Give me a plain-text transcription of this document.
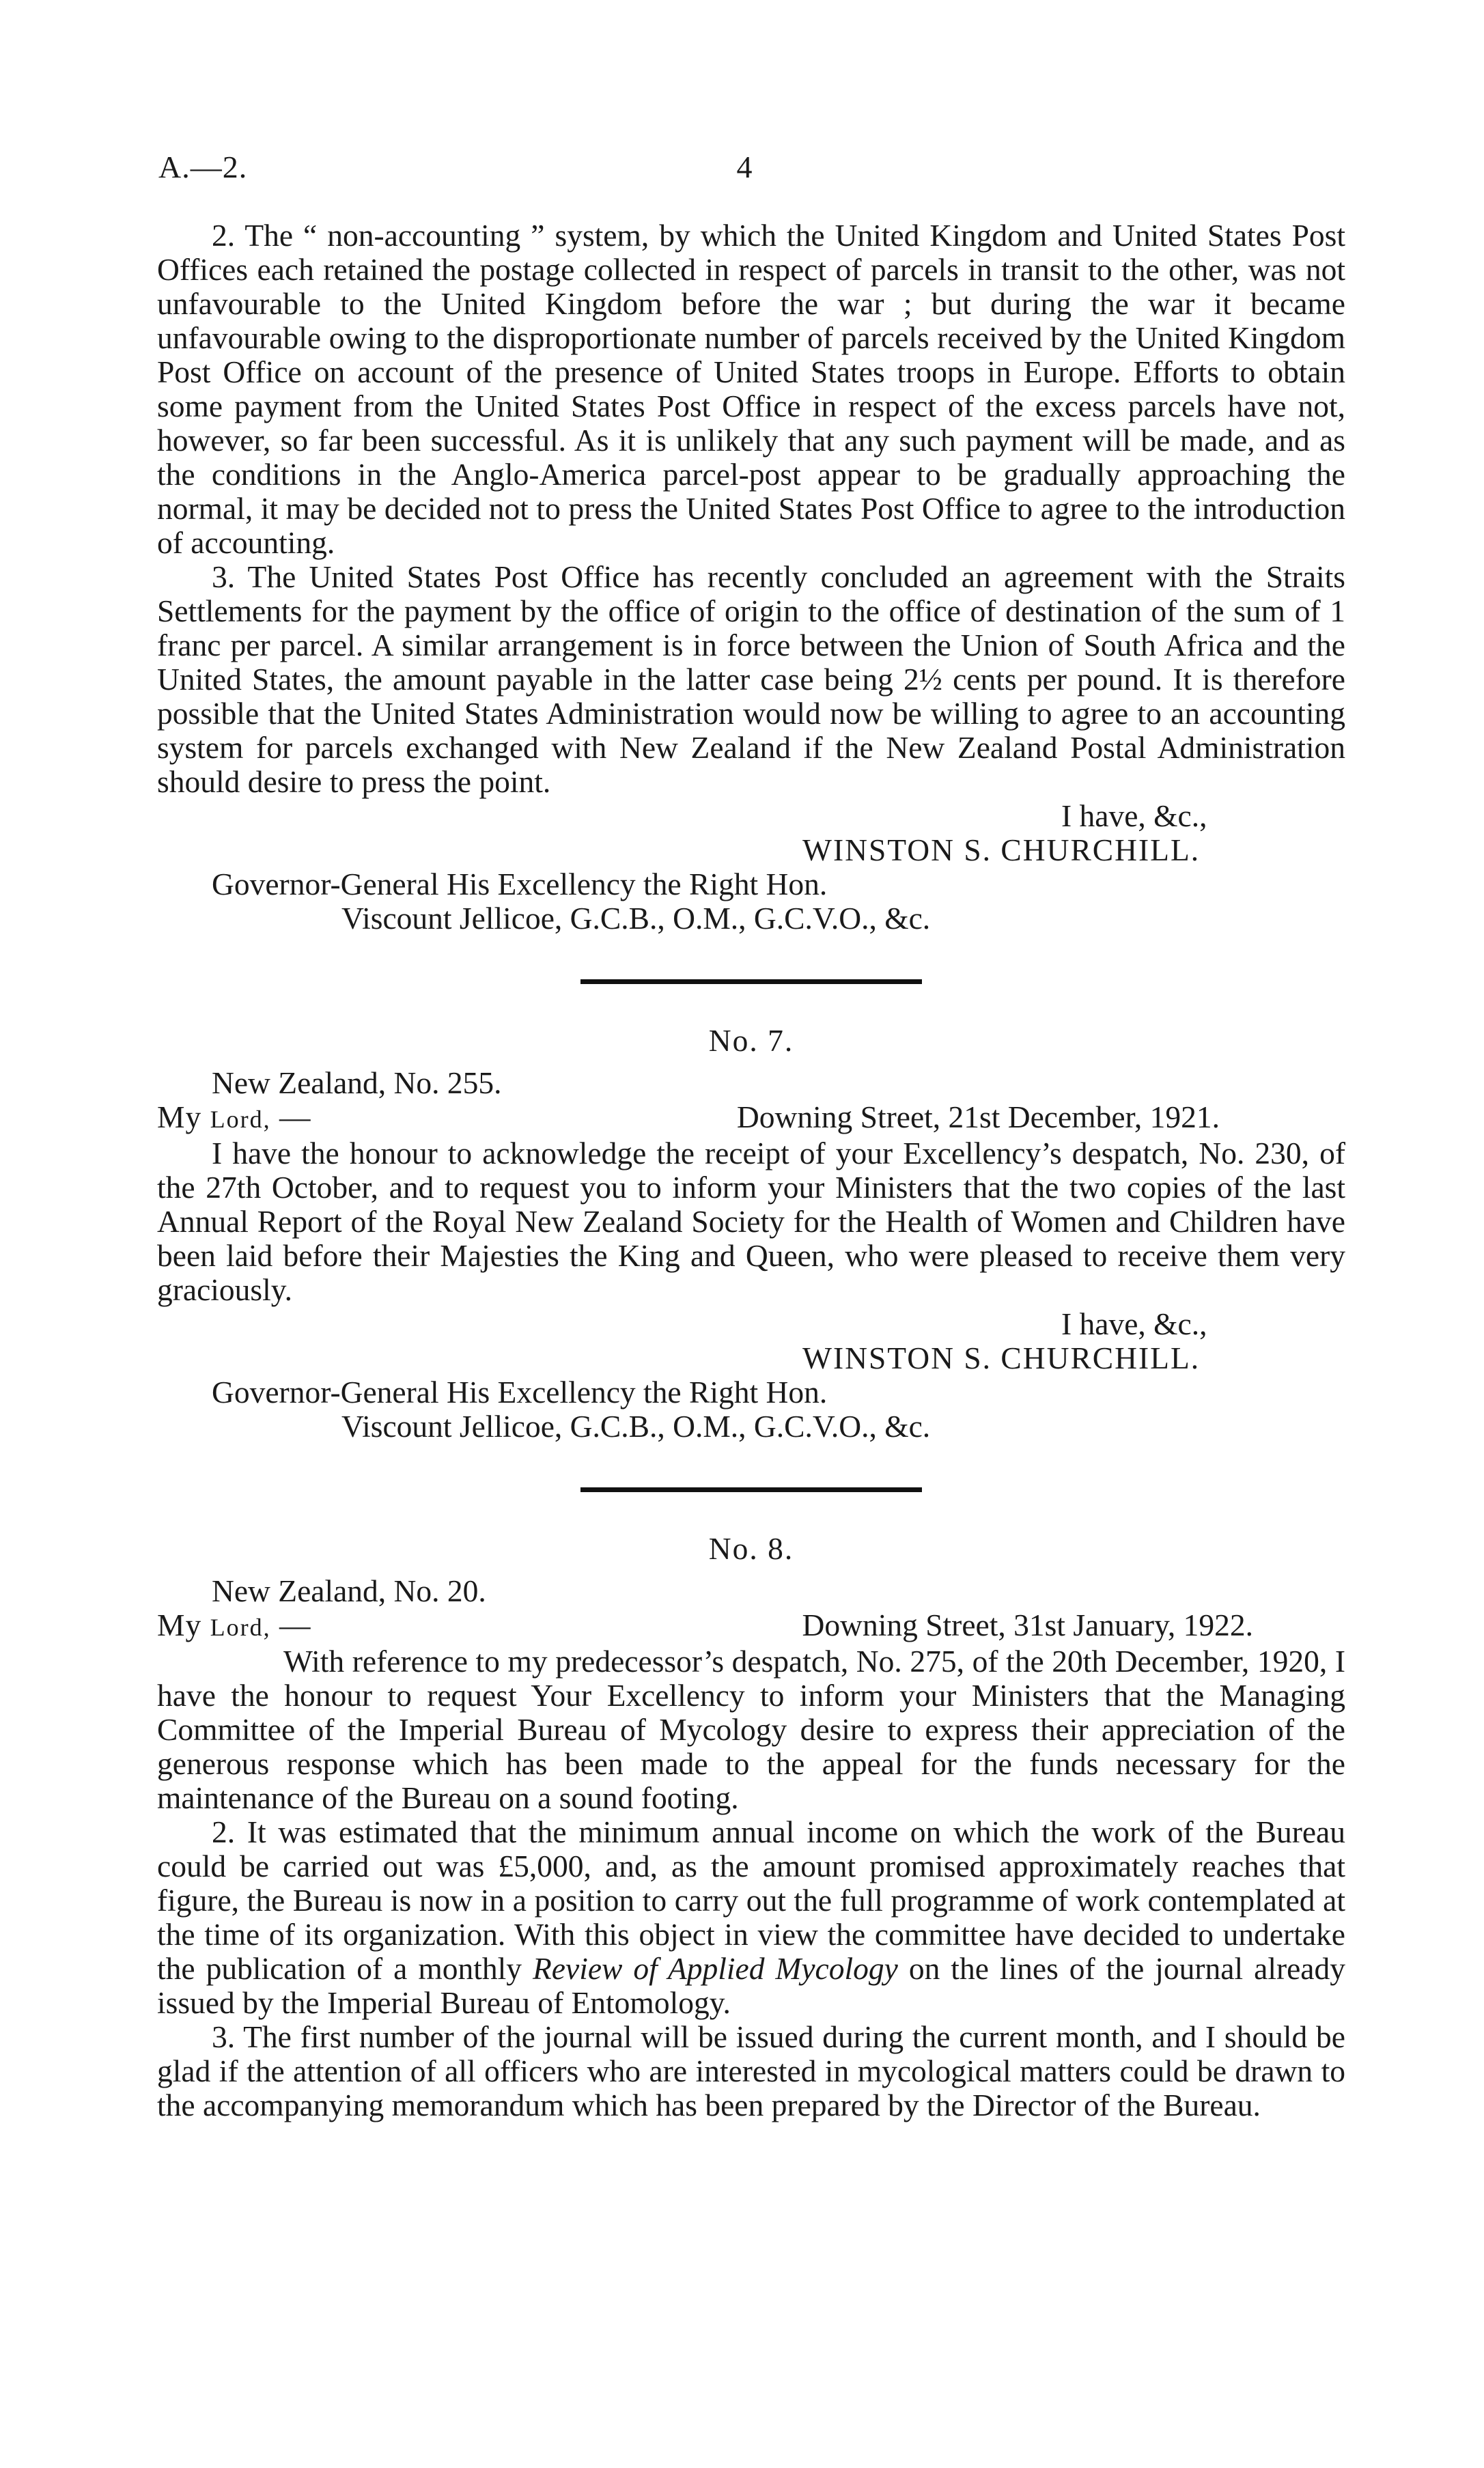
A.—2.	4

2. The “ non-accounting ” system, by which the United Kingdom and United States Post Offices each retained the postage collected in respect of parcels in transit to the other, was not unfavourable to the United Kingdom before the war ; but during the war it became unfavourable owing to the disproportionate number of parcels received by the United Kingdom Post Office on account of the presence of United States troops in Europe. Efforts to obtain some payment from the United States Post Office in respect of the excess parcels have not, however, so far been successful. As it is unlikely that any such payment will be made, and as the conditions in the Anglo-America parcel-post appear to be gradually approaching the normal, it may be decided not to press the United States Post Office to agree to the introduction of accounting.

3. The United States Post Office has recently concluded an agreement with the Straits Settlements for the payment by the office of origin to the office of destination of the sum of 1 franc per parcel. A similar arrangement is in force between the Union of South Africa and the United States, the amount payable in the latter case being 2½ cents per pound. It is therefore possible that the United States Administration would now be willing to agree to an accounting system for parcels exchanged with New Zealand if the New Zealand Postal Administration should desire to press the point.

I have, &c.,
WINSTON S. CHURCHILL.
Governor-General His Excellency the Right Hon.
Viscount Jellicoe, G.C.B., O.M., G.C.V.O., &c.
No. 7.
New Zealand, No. 255.
My Lord, —	Downing Street, 21st December, 1921.

I have the honour to acknowledge the receipt of your Excellency’s despatch, No. 230, of the 27th October, and to request you to inform your Ministers that the two copies of the last Annual Report of the Royal New Zealand Society for the Health of Women and Children have been laid before their Majesties the King and Queen, who were pleased to receive them very graciously.

I have, &c.,
WINSTON S. CHURCHILL.
Governor-General His Excellency the Right Hon.
Viscount Jellicoe, G.C.B., O.M., G.C.V.O., &c.
No. 8.
New Zealand, No. 20.
My Lord, —	Downing Street, 31st January, 1922.

With reference to my predecessor’s despatch, No. 275, of the 20th December, 1920, I have the honour to request Your Excellency to inform your Ministers that the Managing Committee of the Imperial Bureau of Mycology desire to express their appreciation of the generous response which has been made to the appeal for the funds necessary for the maintenance of the Bureau on a sound footing.

2. It was estimated that the minimum annual income on which the work of the Bureau could be carried out was £5,000, and, as the amount promised approximately reaches that figure, the Bureau is now in a position to carry out the full programme of work contemplated at the time of its organization. With this object in view the committee have decided to undertake the publication of a monthly Review of Applied Mycology on the lines of the journal already issued by the Imperial Bureau of Entomology.

3. The first number of the journal will be issued during the current month, and I should be glad if the attention of all officers who are interested in mycological matters could be drawn to the accompanying memorandum which has been prepared by the Director of the Bureau.
